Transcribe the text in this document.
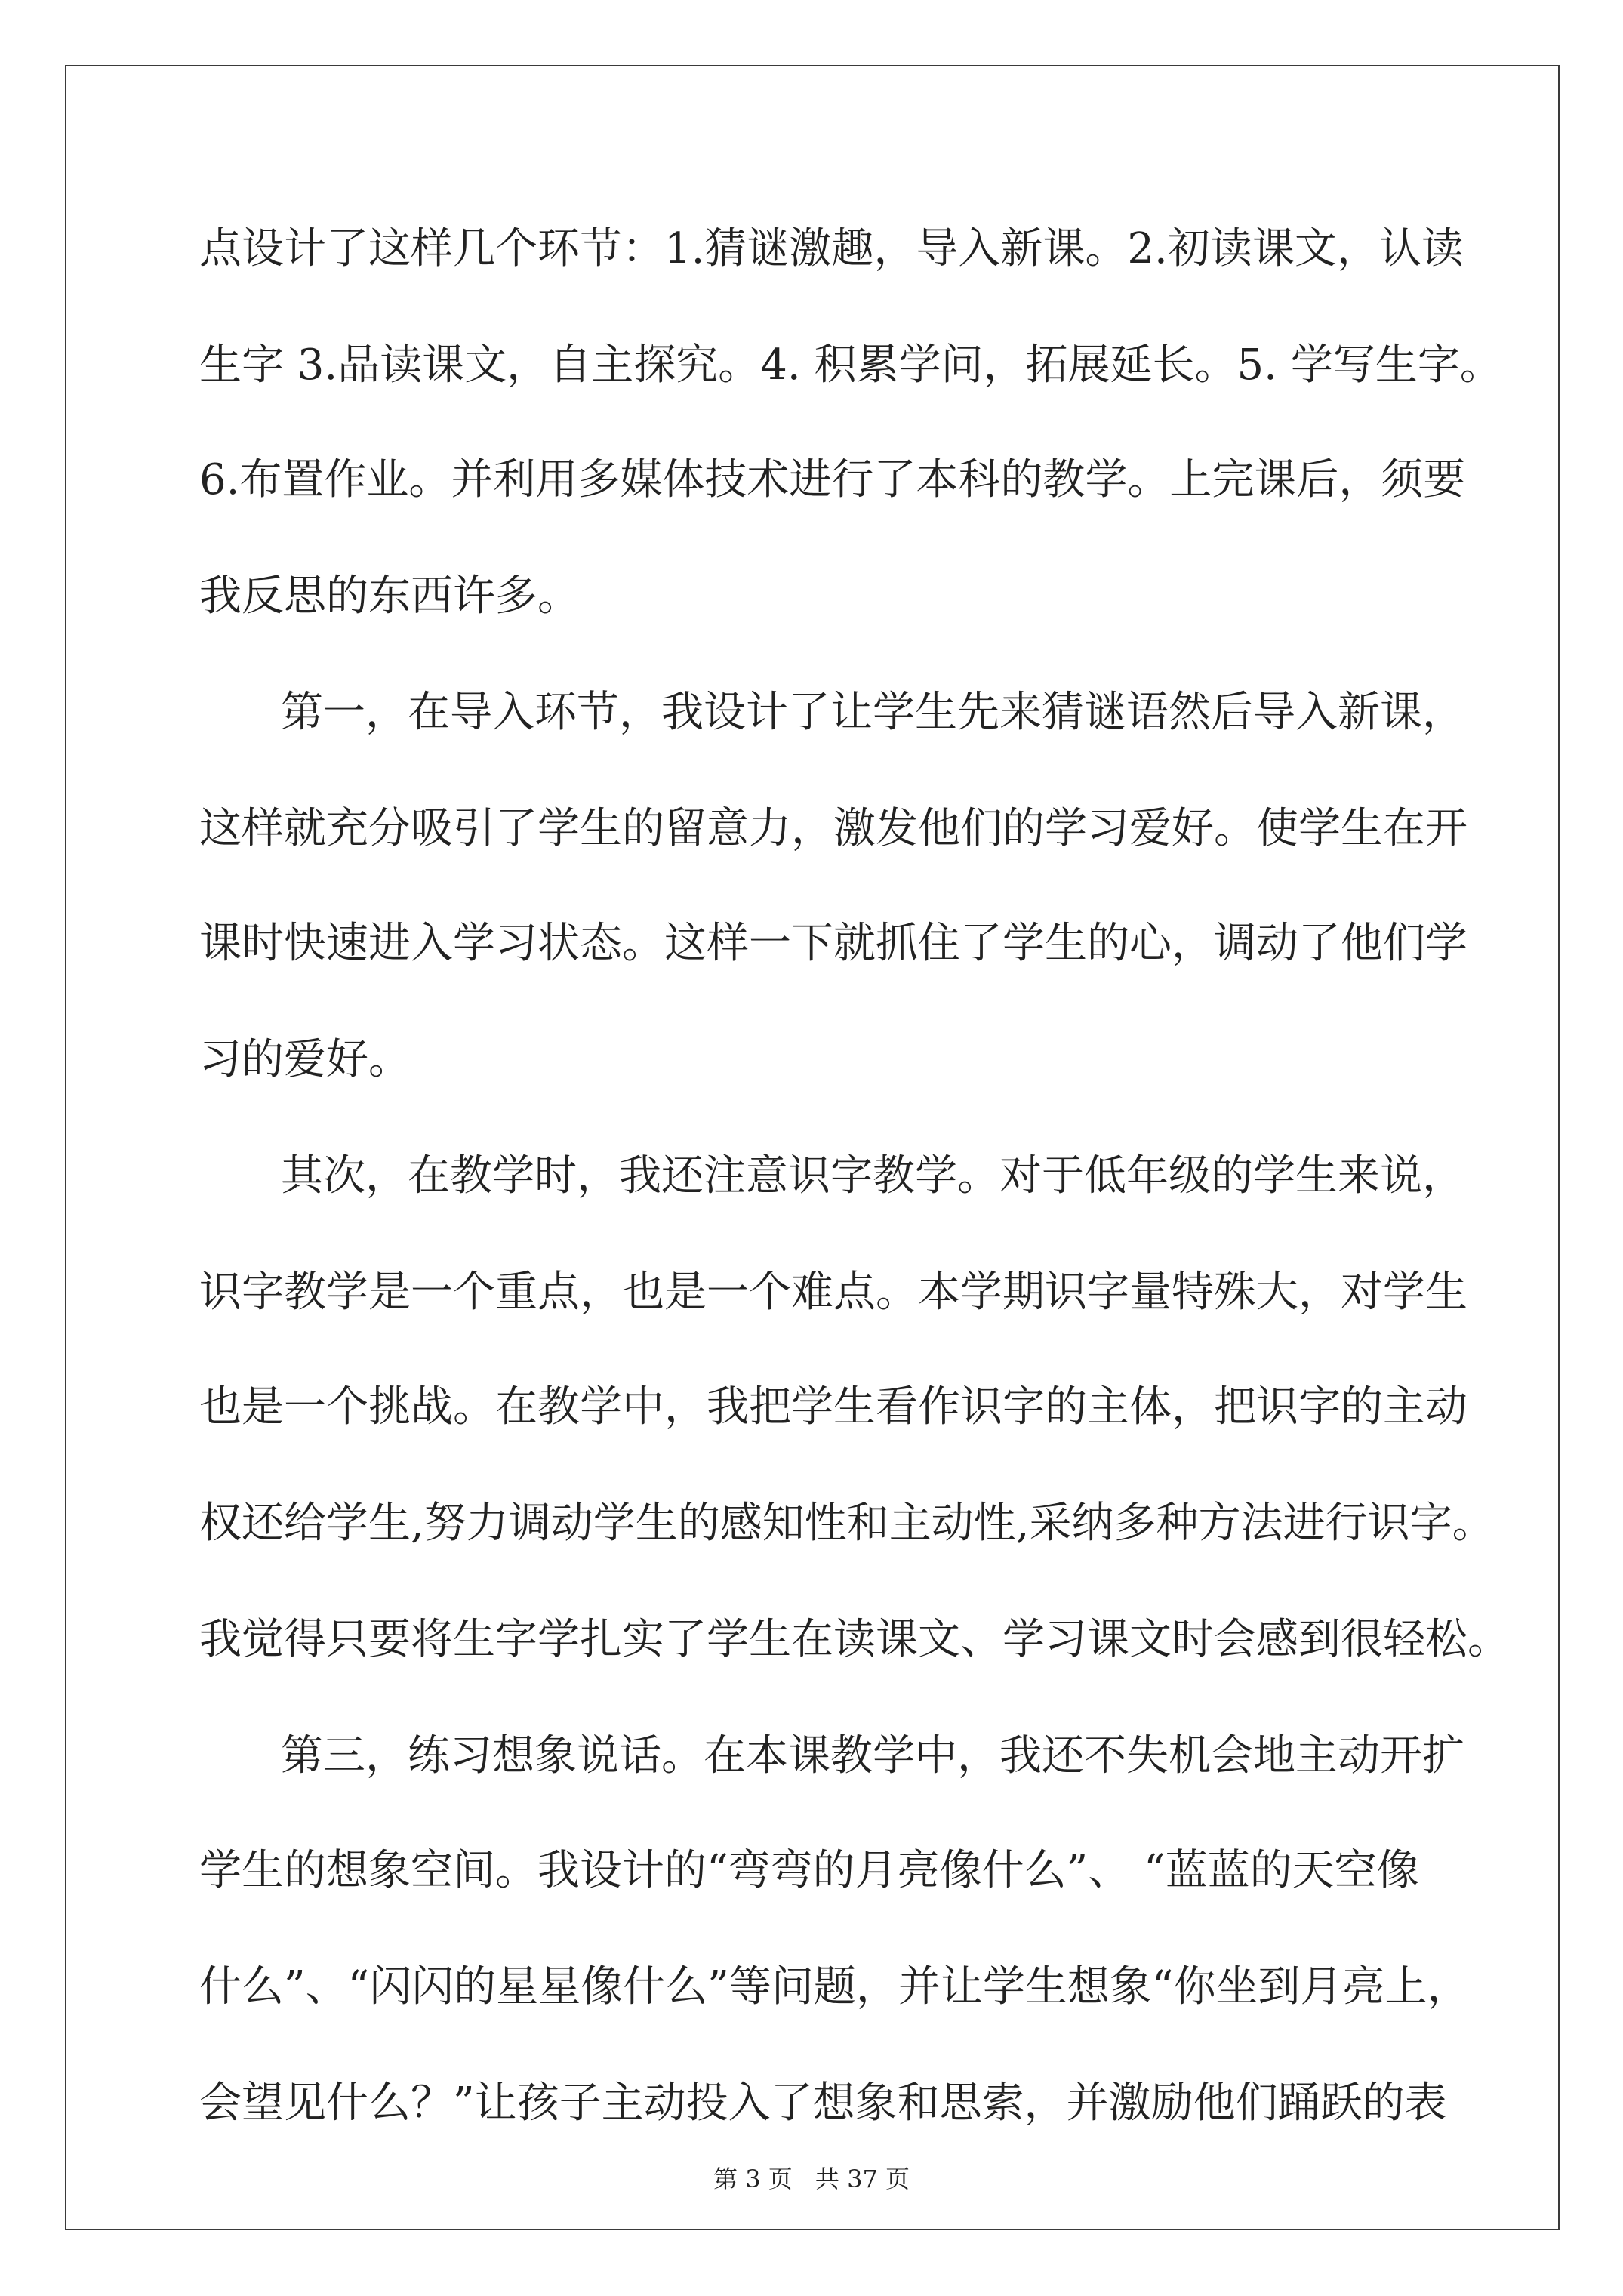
点设计了这样几个环节：1.猜谜激趣，导入新课。2.初读课文，认读
生字 3.品读课文，自主探究。4. 积累学问，拓展延长。5. 学写生字。
6.布置作业。并利用多媒体技术进行了本科的教学。上完课后，须要
我反思的东西许多。
第一，在导入环节，我设计了让学生先来猜谜语然后导入新课，
这样就充分吸引了学生的留意力，激发他们的学习爱好。使学生在开
课时快速进入学习状态。这样一下就抓住了学生的心，调动了他们学
习的爱好。
其次，在教学时，我还注意识字教学。对于低年级的学生来说，
识字教学是一个重点，也是一个难点。本学期识字量特殊大，对学生
也是一个挑战。在教学中，我把学生看作识字的主体，把识字的主动
权还给学生,努力调动学生的感知性和主动性,采纳多种方法进行识字。
我觉得只要将生字学扎实了学生在读课文、学习课文时会感到很轻松。
第三，练习想象说话。在本课教学中，我还不失机会地主动开扩
学生的想象空间。我设计的“弯弯的月亮像什么”、 “蓝蓝的天空像
什么”、“闪闪的星星像什么”等问题，并让学生想象“你坐到月亮上，
会望见什么？”让孩子主动投入了想象和思索，并激励他们踊跃的表
第 3 页 共 37 页
